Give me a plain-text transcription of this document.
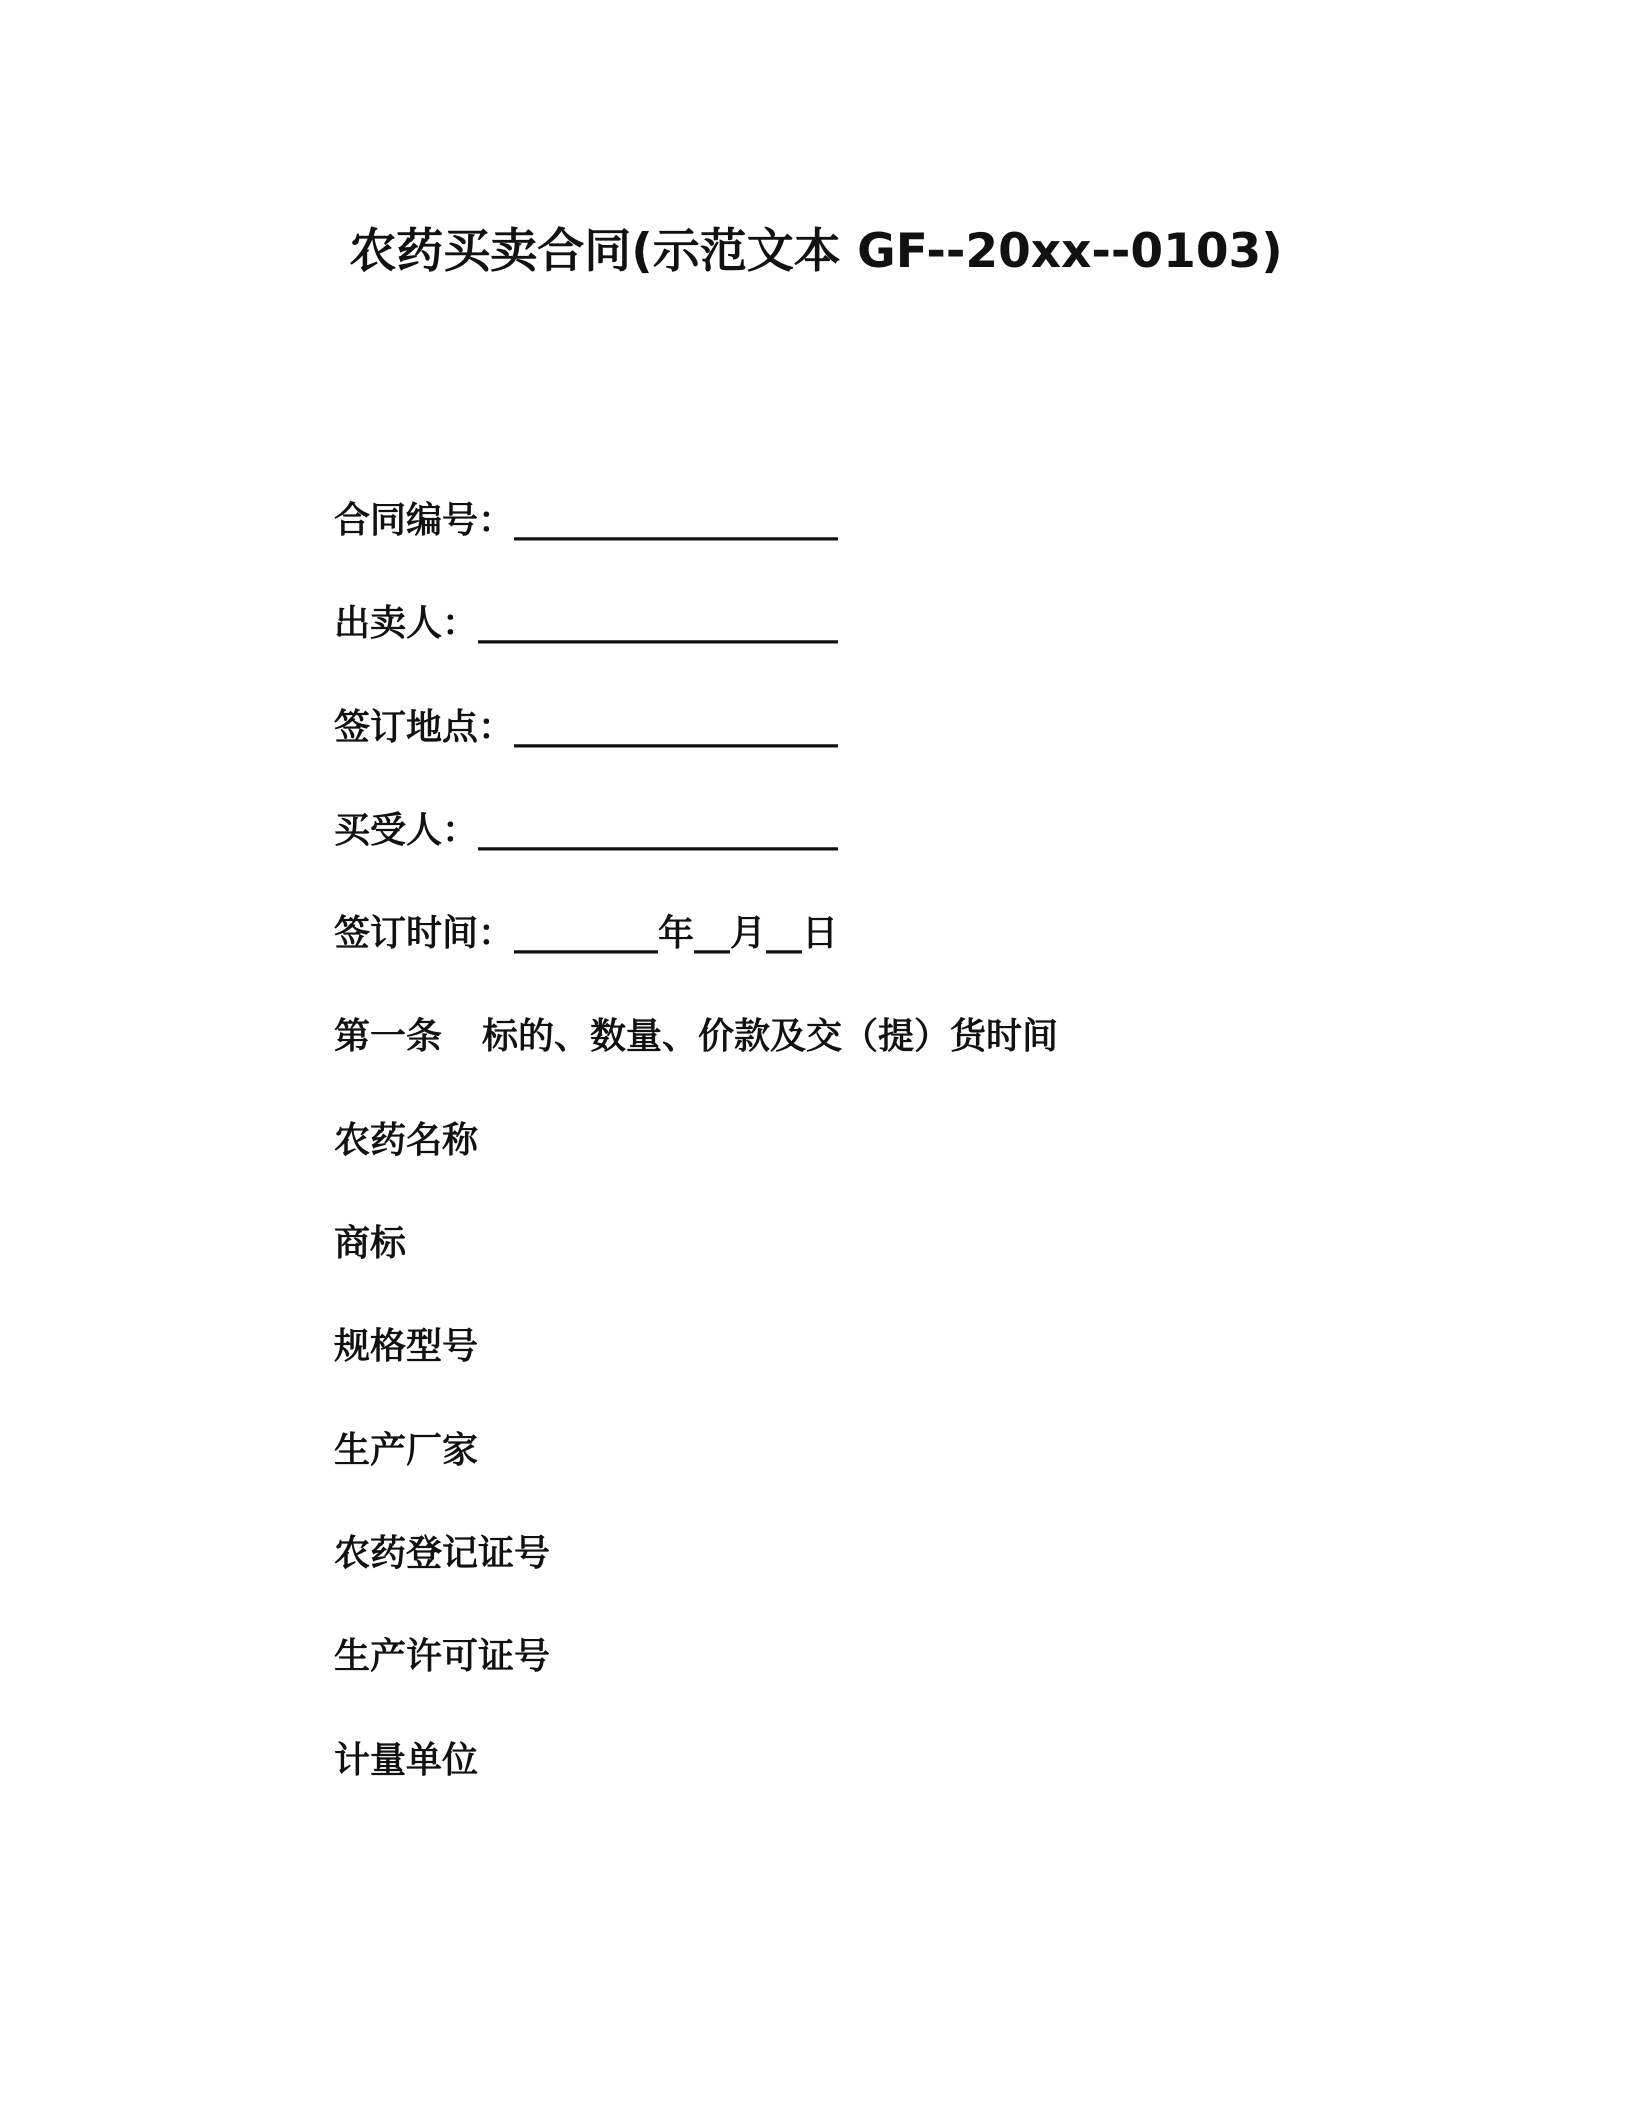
农药买卖合同(示范文本 GF--20xx--0103)
合同编号：__________________
出卖人：____________________
签订地点：__________________
买受人：____________________
签订时间：________年__月__日
第一条 标的、数量、价款及交（提）货时间
农药名称
商标
规格型号
生产厂家
农药登记证号
生产许可证号
计量单位
